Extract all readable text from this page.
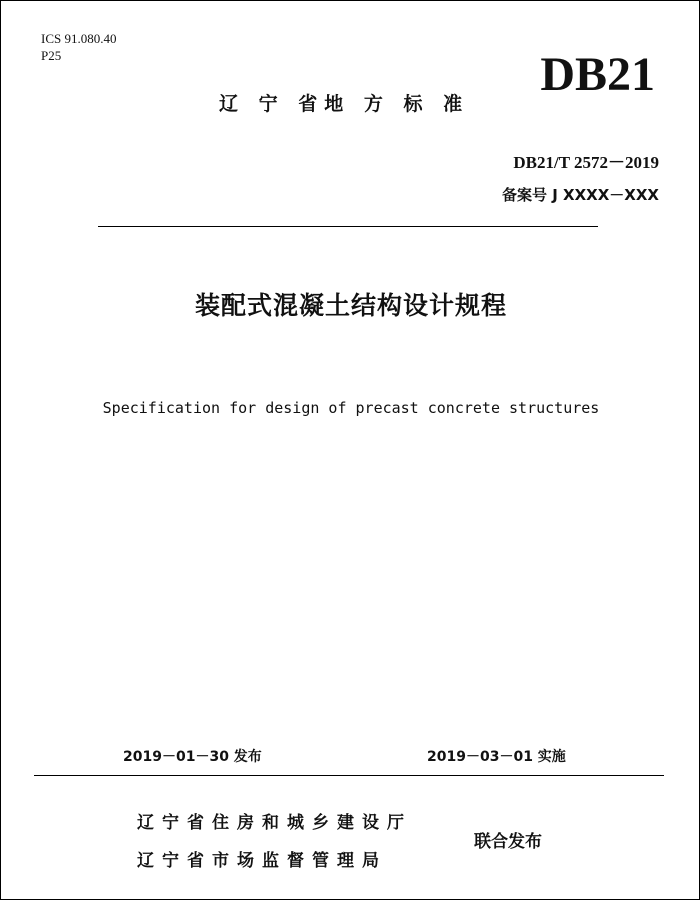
ICS 91.080.40
P25
辽 宁 省地 方 标 准
DB21
DB21/T 2572－2019
备案号 J XXXX－XXX
装配式混凝土结构设计规程
Specification for design of precast concrete structures
2019－01－30 发布	2019－03－01 实施
辽宁省住房和城乡建设厅
辽宁省市场监督管理局
联合发布
